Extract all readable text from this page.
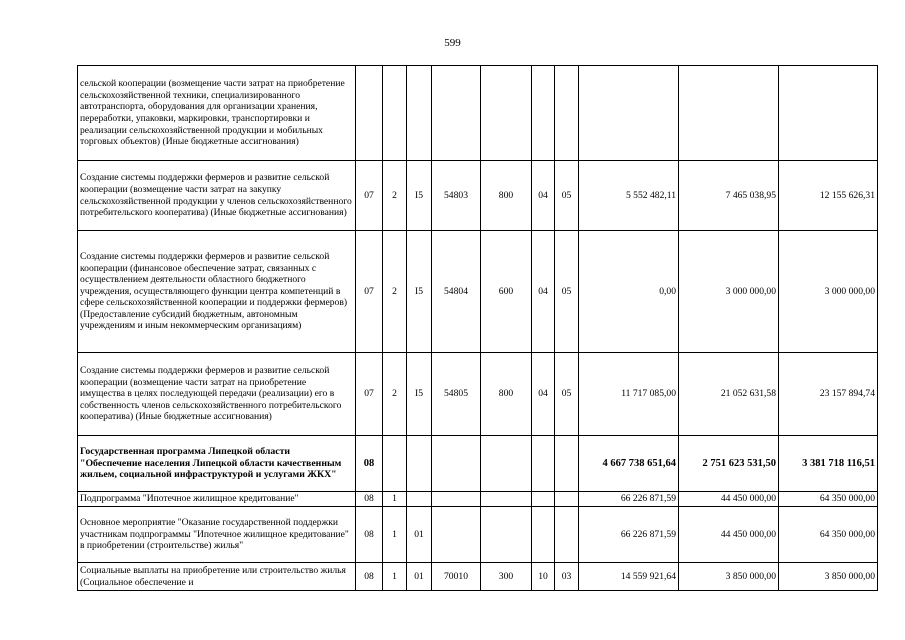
599
сельской кооперации (возмещение части затрат на приобретение сельскохозяйственной техники, специализированного автотранспорта, оборудования для организации хранения, переработки, упаковки, маркировки, транспортировки и реализации сельскохозяйственной продукции и мобильных торговых объектов) (Иные бюджетные ассигнования)										
Создание системы поддержки фермеров и развитие сельской кооперации (возмещение части затрат на закупку сельскохозяйственной продукции у членов сельскохозяйственного потребительского кооператива) (Иные бюджетные ассигнования)	07	2	I5	54803	800	04	05	5 552 482,11	7 465 038,95	12 155 626,31
Создание системы поддержки фермеров и развитие сельской кооперации (финансовое обеспечение затрат, связанных с осуществлением деятельности областного бюджетного учреждения, осуществляющего функции центра компетенций в сфере сельскохозяйственной кооперации и поддержки фермеров) (Предоставление субсидий бюджетным, автономным учреждениям и иным некоммерческим организациям)	07	2	I5	54804	600	04	05	0,00	3 000 000,00	3 000 000,00
Создание системы поддержки фермеров и развитие сельской кооперации (возмещение части затрат на приобретение имущества в целях последующей передачи (реализации) его в собственность членов сельскохозяйственного потребительского кооператива) (Иные бюджетные ассигнования)	07	2	I5	54805	800	04	05	11 717 085,00	21 052 631,58	23 157 894,74
Государственная программа Липецкой области "Обеспечение населения Липецкой области качественным жильем, социальной инфраструктурой и услугами ЖКХ"	08							4 667 738 651,64	2 751 623 531,50	3 381 718 116,51
Подпрограмма "Ипотечное жилищное кредитование"	08	1						66 226 871,59	44 450 000,00	64 350 000,00
Основное мероприятие "Оказание государственной поддержки участникам подпрограммы "Ипотечное жилищное кредитование" в приобретении (строительстве) жилья"	08	1	01					66 226 871,59	44 450 000,00	64 350 000,00
Социальные выплаты на приобретение или строительство жилья (Социальное обеспечение и	08	1	01	70010	300	10	03	14 559 921,64	3 850 000,00	3 850 000,00
